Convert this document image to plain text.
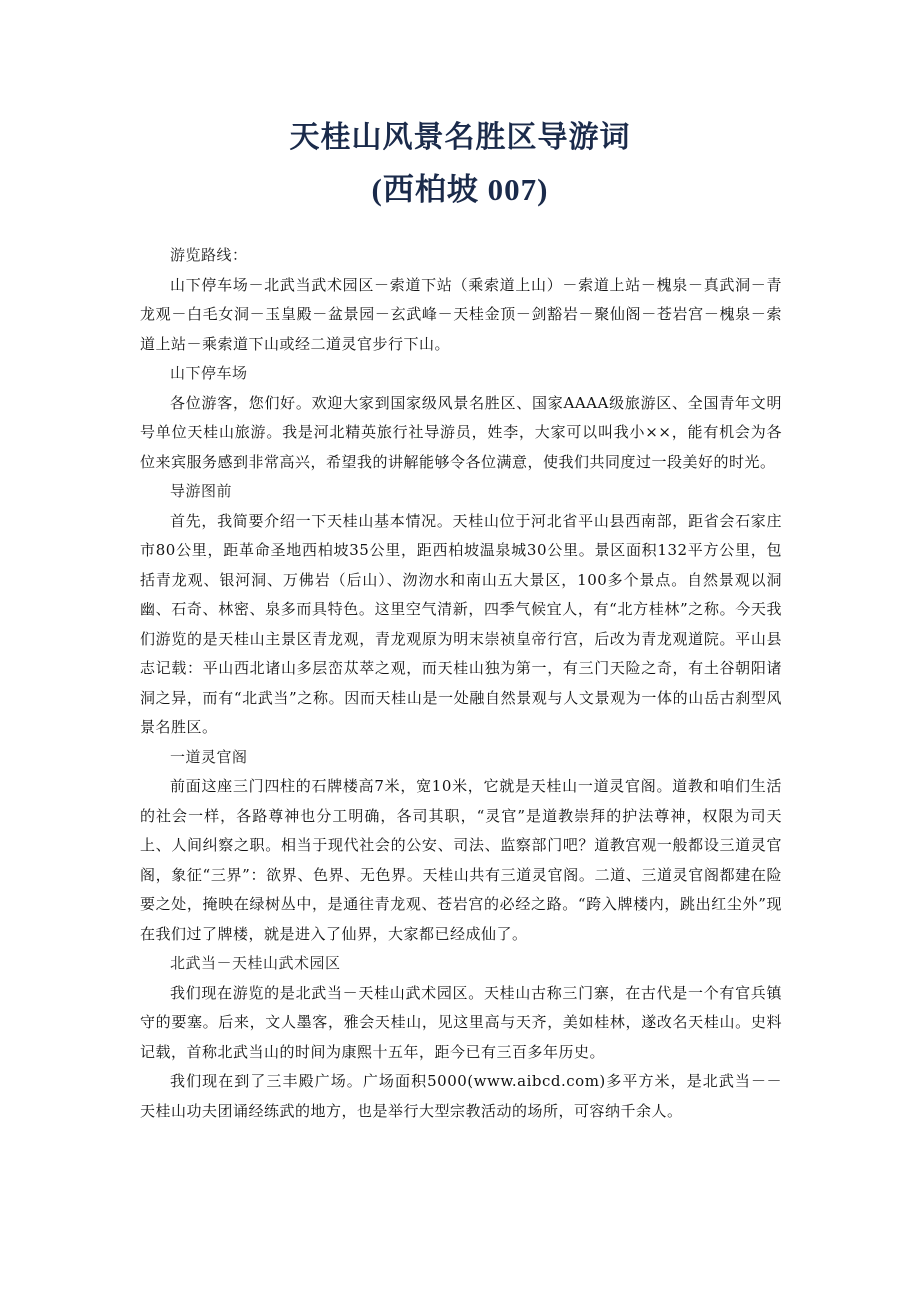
天桂山风景名胜区导游词

(西柏坡 007)

游览路线：

山下停车场－北武当武术园区－索道下站（乘索道上山）－索道上站－槐泉－真武洞－青龙观－白毛女洞－玉皇殿－盆景园－玄武峰－天桂金顶－剑豁岩－聚仙阁－苍岩宫－槐泉－索道上站－乘索道下山或经二道灵官步行下山。

山下停车场

各位游客，您们好。欢迎大家到国家级风景名胜区、国家AAAA级旅游区、全国青年文明号单位天桂山旅游。我是河北精英旅行社导游员，姓李，大家可以叫我小××，能有机会为各位来宾服务感到非常高兴，希望我的讲解能够令各位满意，使我们共同度过一段美好的时光。

导游图前

首先，我简要介绍一下天桂山基本情况。天桂山位于河北省平山县西南部，距省会石家庄市80公里，距革命圣地西柏坡35公里，距西柏坡温泉城30公里。景区面积132平方公里，包括青龙观、银河洞、万佛岩（后山）、沕沕水和南山五大景区，100多个景点。自然景观以洞幽、石奇、林密、泉多而具特色。这里空气清新，四季气候宜人，有“北方桂林”之称。今天我们游览的是天桂山主景区青龙观，青龙观原为明末崇祯皇帝行宫，后改为青龙观道院。平山县志记载：平山西北诸山多层峦苁萃之观，而天桂山独为第一，有三门天险之奇，有土谷朝阳诸洞之异，而有“北武当”之称。因而天桂山是一处融自然景观与人文景观为一体的山岳古刹型风景名胜区。

一道灵官阁

前面这座三门四柱的石牌楼高7米，宽10米，它就是天桂山一道灵官阁。道教和咱们生活的社会一样，各路尊神也分工明确，各司其职，“灵官”是道教崇拜的护法尊神，权限为司天上、人间纠察之职。相当于现代社会的公安、司法、监察部门吧？道教宫观一般都设三道灵官阁，象征“三界”：欲界、色界、无色界。天桂山共有三道灵官阁。二道、三道灵官阁都建在险要之处，掩映在绿树丛中，是通往青龙观、苍岩宫的必经之路。“跨入牌楼内，跳出红尘外”现在我们过了牌楼，就是进入了仙界，大家都已经成仙了。

北武当－天桂山武术园区

我们现在游览的是北武当－天桂山武术园区。天桂山古称三门寨，在古代是一个有官兵镇守的要塞。后来，文人墨客，雅会天桂山，见这里高与天齐，美如桂林，遂改名天桂山。史料记载，首称北武当山的时间为康熙十五年，距今已有三百多年历史。

我们现在到了三丰殿广场。广场面积5000(www.aibcd.com)多平方米，是北武当－－天桂山功夫团诵经练武的地方，也是举行大型宗教活动的场所，可容纳千余人。
